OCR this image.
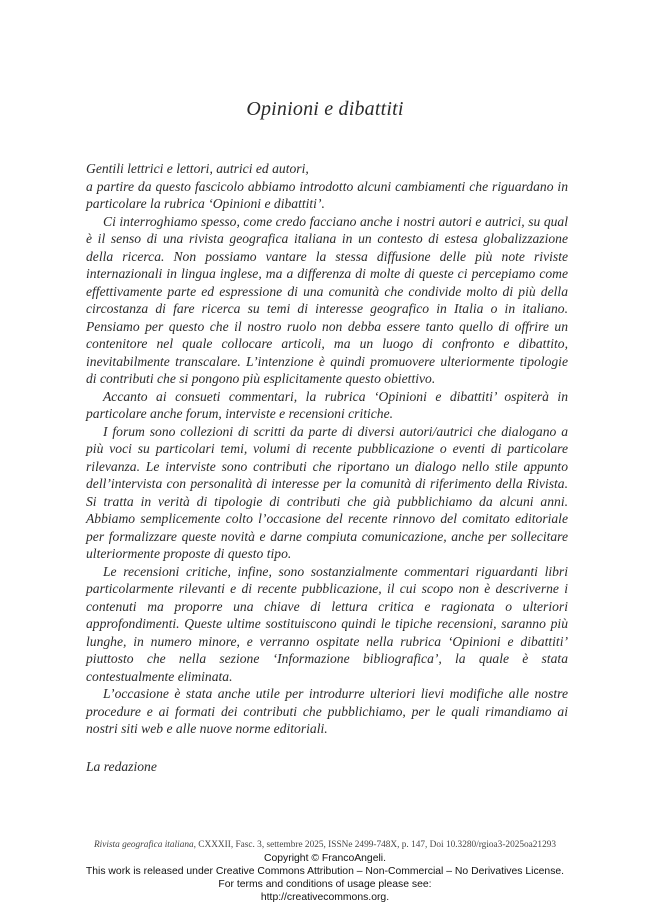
Opinioni e dibattiti

Gentili lettrici e lettori, autrici ed autori,

a partire da questo fascicolo abbiamo introdotto alcuni cambiamenti che riguardano in particolare la rubrica ‘Opinioni e dibattiti’.

Ci interroghiamo spesso, come credo facciano anche i nostri autori e autrici, su qual è il senso di una rivista geografica italiana in un contesto di estesa globalizzazione della ricerca. Non possiamo vantare la stessa diffusione delle più note riviste internazionali in lingua inglese, ma a differenza di molte di queste ci percepiamo come effettivamente parte ed espressione di una comunità che condivide molto di più della circostanza di fare ricerca su temi di interesse geografico in Italia o in italiano. Pensiamo per questo che il nostro ruolo non debba essere tanto quello di offrire un contenitore nel quale collocare articoli, ma un luogo di confronto e dibattito, inevitabilmente transcalare. L’intenzione è quindi promuovere ulteriormente tipologie di contributi che si pongono più esplicitamente questo obiettivo.

Accanto ai consueti commentari, la rubrica ‘Opinioni e dibattiti’ ospiterà in particolare anche forum, interviste e recensioni critiche.

I forum sono collezioni di scritti da parte di diversi autori/autrici che dialogano a più voci su particolari temi, volumi di recente pubblicazione o eventi di particolare rilevanza. Le interviste sono contributi che riportano un dialogo nello stile appunto dell’intervista con personalità di interesse per la comunità di riferimento della Rivista. Si tratta in verità di tipologie di contributi che già pubblichiamo da alcuni anni. Abbiamo semplicemente colto l’occasione del recente rinnovo del comitato editoriale per formalizzare queste novità e darne compiuta comunicazione, anche per sollecitare ulteriormente proposte di questo tipo.

Le recensioni critiche, infine, sono sostanzialmente commentari riguardanti libri particolarmente rilevanti e di recente pubblicazione, il cui scopo non è descriverne i contenuti ma proporre una chiave di lettura critica e ragionata o ulteriori approfondimenti. Queste ultime sostituiscono quindi le tipiche recensioni, saranno più lunghe, in numero minore, e verranno ospitate nella rubrica ‘Opinioni e dibattiti’ piuttosto che nella sezione ‘Informazione bibliografica’, la quale è stata contestualmente eliminata.

L’occasione è stata anche utile per introdurre ulteriori lievi modifiche alle nostre procedure e ai formati dei contributi che pubblichiamo, per le quali rimandiamo ai nostri siti web e alle nuove norme editoriali.

La redazione

Rivista geografica italiana, CXXXII, Fasc. 3, settembre 2025, ISSNe 2499-748X, p. 147, Doi 10.3280/rgioa3-2025oa21293
Copyright © FrancoAngeli.
This work is released under Creative Commons Attribution – Non-Commercial – No Derivatives License.
For terms and conditions of usage please see:
http://creativecommons.org.
